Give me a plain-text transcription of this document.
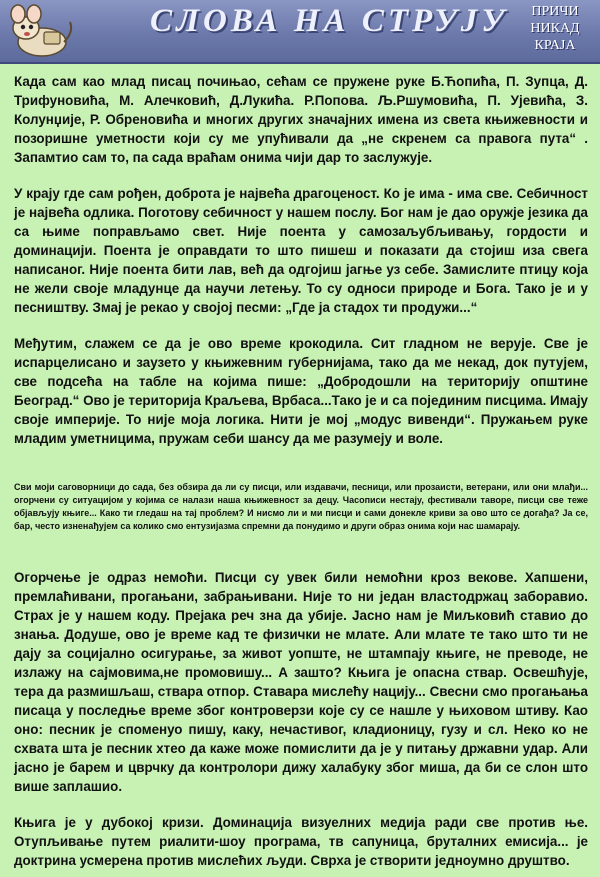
СЛОВА НА СТРУЈУ	ПРИЧИ
НИКАД
КРАЈА

Када сам као млад писац почињао, сећам се пружене руке Б.Ћопића, П. Зупца, Д. Трифуновића, М. Алечковић, Д.Лукића. Р.Попова. Љ.Ршумовића, П. Ујевића, З. Колунџије, Р. Обреновића и многих других значајних имена из света књижевности и позоришне уметности који су ме упућивали да „не скренем са правога пута“ . Запамтио сам то, па сада враћам онима чији дар то заслужује.

У крају где сам рођен, доброта је највећа драгоценост. Ко је има - има све. Себичност је највећа одлика. Поготову себичност у нашем послу. Бог нам је дао оружје језика да са њиме поправљамо свет. Није поента у самозаљубљивању, гордости и доминацији. Поента је оправдати то што пишеш и показати да стојиш иза свега написаног. Није поента бити лав, већ да одгојиш јагње уз себе. Замислите птицу која не жели своје младунце да научи летењу. То су односи природе и Бога. Тако је и у песништву. Змај је рекао у својој песми: „Где ја стадох ти продужи...“

Међутим, слажем се да је ово време крокодила. Сит гладном не верује. Све је испарцелисано и заузето у књижевним губернијама, тако да ме некад, док путујем, све подсећа на табле на којима пише: „Добродошли на територију општине Београд.“ Ово је територија Краљева, Врбаса...Тако је и са појединим писцима. Имају своје империје. То није моја логика. Нити је мој „модус вивенди“. Пружањем руке младим уметницима, пружам себи шансу да ме разумеју и воле.

Сви моји саговорници до сада, без обзира да ли су писци, или издавачи, песници, или прозаисти, ветерани, или они млађи... огорчени су ситуацијом у којима се налази наша књижевност за децу. Часописи нестају, фестивали таворе, писци све теже објављују књиге... Како ти гледаш на тај проблем? И нисмо ли и ми писци и сами донекле криви за ово што се догађа? Ја се, бар, често изненађујем са колико смо ентузијазма спремни да понудимо и други образ онима који нас шамарају.

Огорчење је одраз немоћи. Писци су увек били немоћни кроз векове. Хапшени, премлаћивани, прогањани, забрањивани. Није то ни један властодржац заборавио. Страх је у нашем коду. Прејака реч зна да убије. Јасно нам је Миљковић ставио до знања. Додуше, ово је време кад те физички не млате. Али млате те тако што ти не дају за социјално осигурање, за живот уопште, не штампају књиге, не преводе, не излажу на сајмовима,не промовишу... А зашто? Књига је опасна ствар. Освешћује, тера да размишљаш, ствара отпор. Ставара мислећу нацију... Свесни смо прогањања писаца у последње време због контроверзи које су се нашле у њиховом штиву. Као оно: песник је споменуо пишу, каку, нечастивог, кладионицу, гузу и сл. Неко ко не схвата шта је песник хтео да каже може помислити да је у питању државни удар. Али јасно је барем и цврчку да контролори дижу халабуку због миша, да би се слон што више заплашио.

Књига је у дубокој кризи. Доминација визуелних медија ради све против ње. Отупљивање путем риалити-шоу програма, тв сапуница, бруталних емисија... је доктрина усмерена против мислећих људи. Сврха је створити једноумно друштво.
